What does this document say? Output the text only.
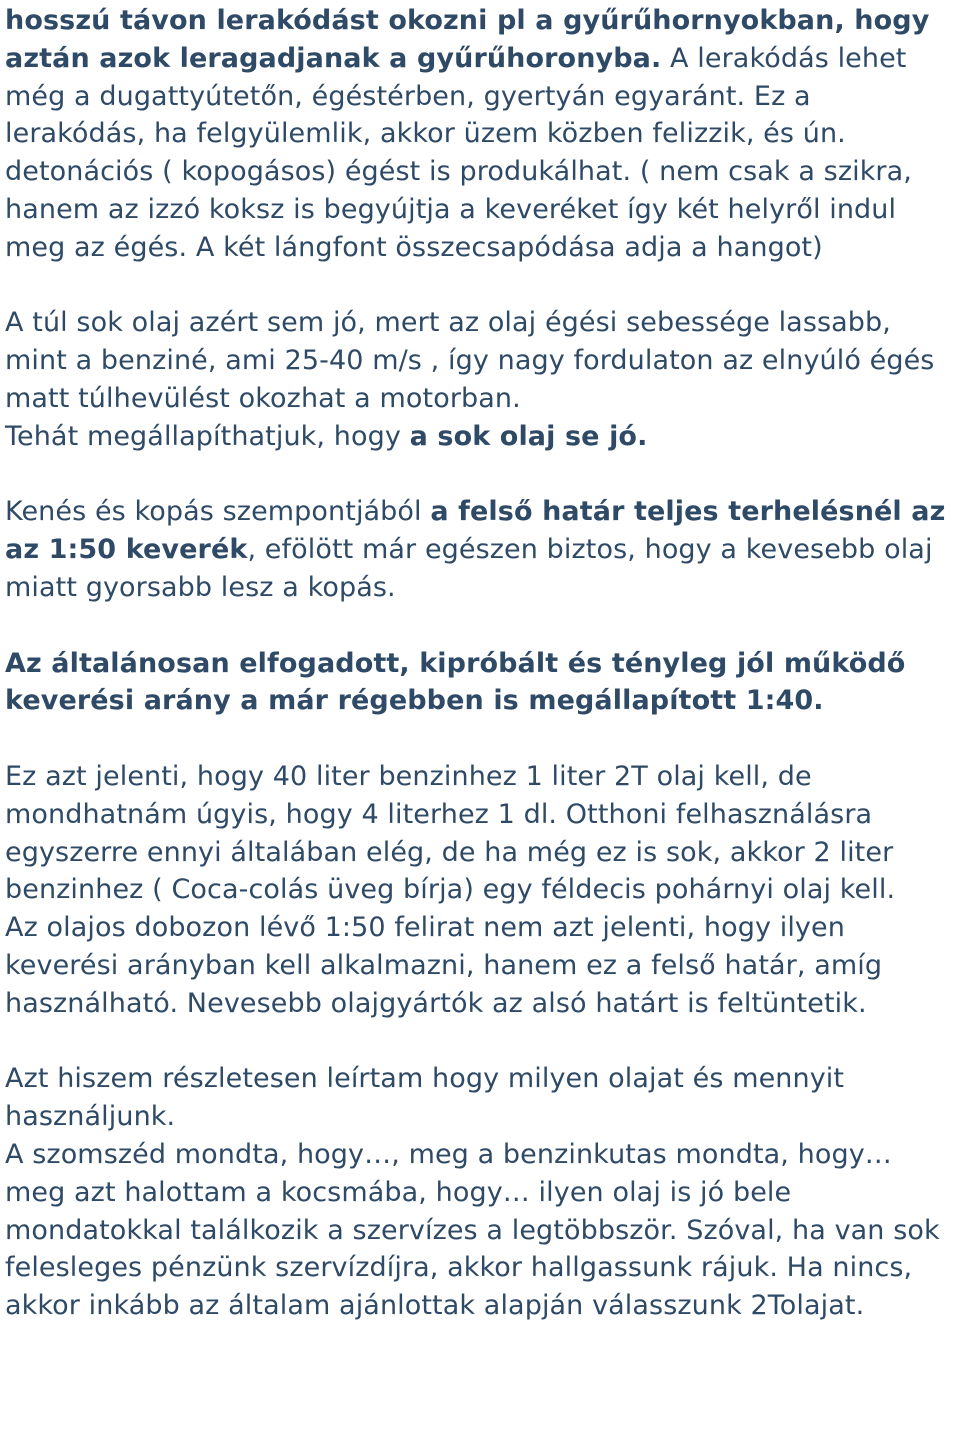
hosszú távon lerakódást okozni pl a gyűrűhornyokban, hogy aztán azok leragadjanak a gyűrűhoronyba. A lerakódás lehet még a dugattyútetőn, égéstérben, gyertyán egyaránt. Ez a lerakódás, ha felgyülemlik, akkor üzem közben felizzik, és ún. detonációs ( kopogásos) égést is produkálhat. ( nem csak a szikra, hanem az izzó koksz is begyújtja a keveréket így két helyről indul meg az égés. A két lángfont összecsapódása adja a hangot)

A túl sok olaj azért sem jó, mert az olaj égési sebessége lassabb, mint a benziné, ami 25-40 m/s , így nagy fordulaton az elnyúló égés matt túlhevülést okozhat a motorban.
Tehát megállapíthatjuk, hogy a sok olaj se jó.

Kenés és kopás szempontjából a felső határ teljes terhelésnél az az 1:50 keverék, efölött már egészen biztos, hogy a kevesebb olaj miatt gyorsabb lesz a kopás.

Az általánosan elfogadott, kipróbált és tényleg jól működő keverési arány a már régebben is megállapított 1:40.

Ez azt jelenti, hogy 40 liter benzinhez 1 liter 2T olaj kell, de mondhatnám úgyis, hogy 4 literhez 1 dl. Otthoni felhasználásra egyszerre ennyi általában elég, de ha még ez is sok, akkor 2 liter benzinhez ( Coca-colás üveg bírja) egy féldecis pohárnyi olaj kell.
Az olajos dobozon lévő 1:50 felirat nem azt jelenti, hogy ilyen keverési arányban kell alkalmazni, hanem ez a felső határ, amíg használható. Nevesebb olajgyártók az alsó határt is feltüntetik.

Azt hiszem részletesen leírtam hogy milyen olajat és mennyit használjunk.
A szomszéd mondta, hogy…, meg a benzinkutas mondta, hogy… meg azt halottam a kocsmába, hogy… ilyen olaj is jó bele mondatokkal találkozik a szervízes a legtöbbször. Szóval, ha van sok felesleges pénzünk szervízdíjra, akkor hallgassunk rájuk. Ha nincs, akkor inkább az általam ajánlottak alapján válasszunk 2Tolajat.
